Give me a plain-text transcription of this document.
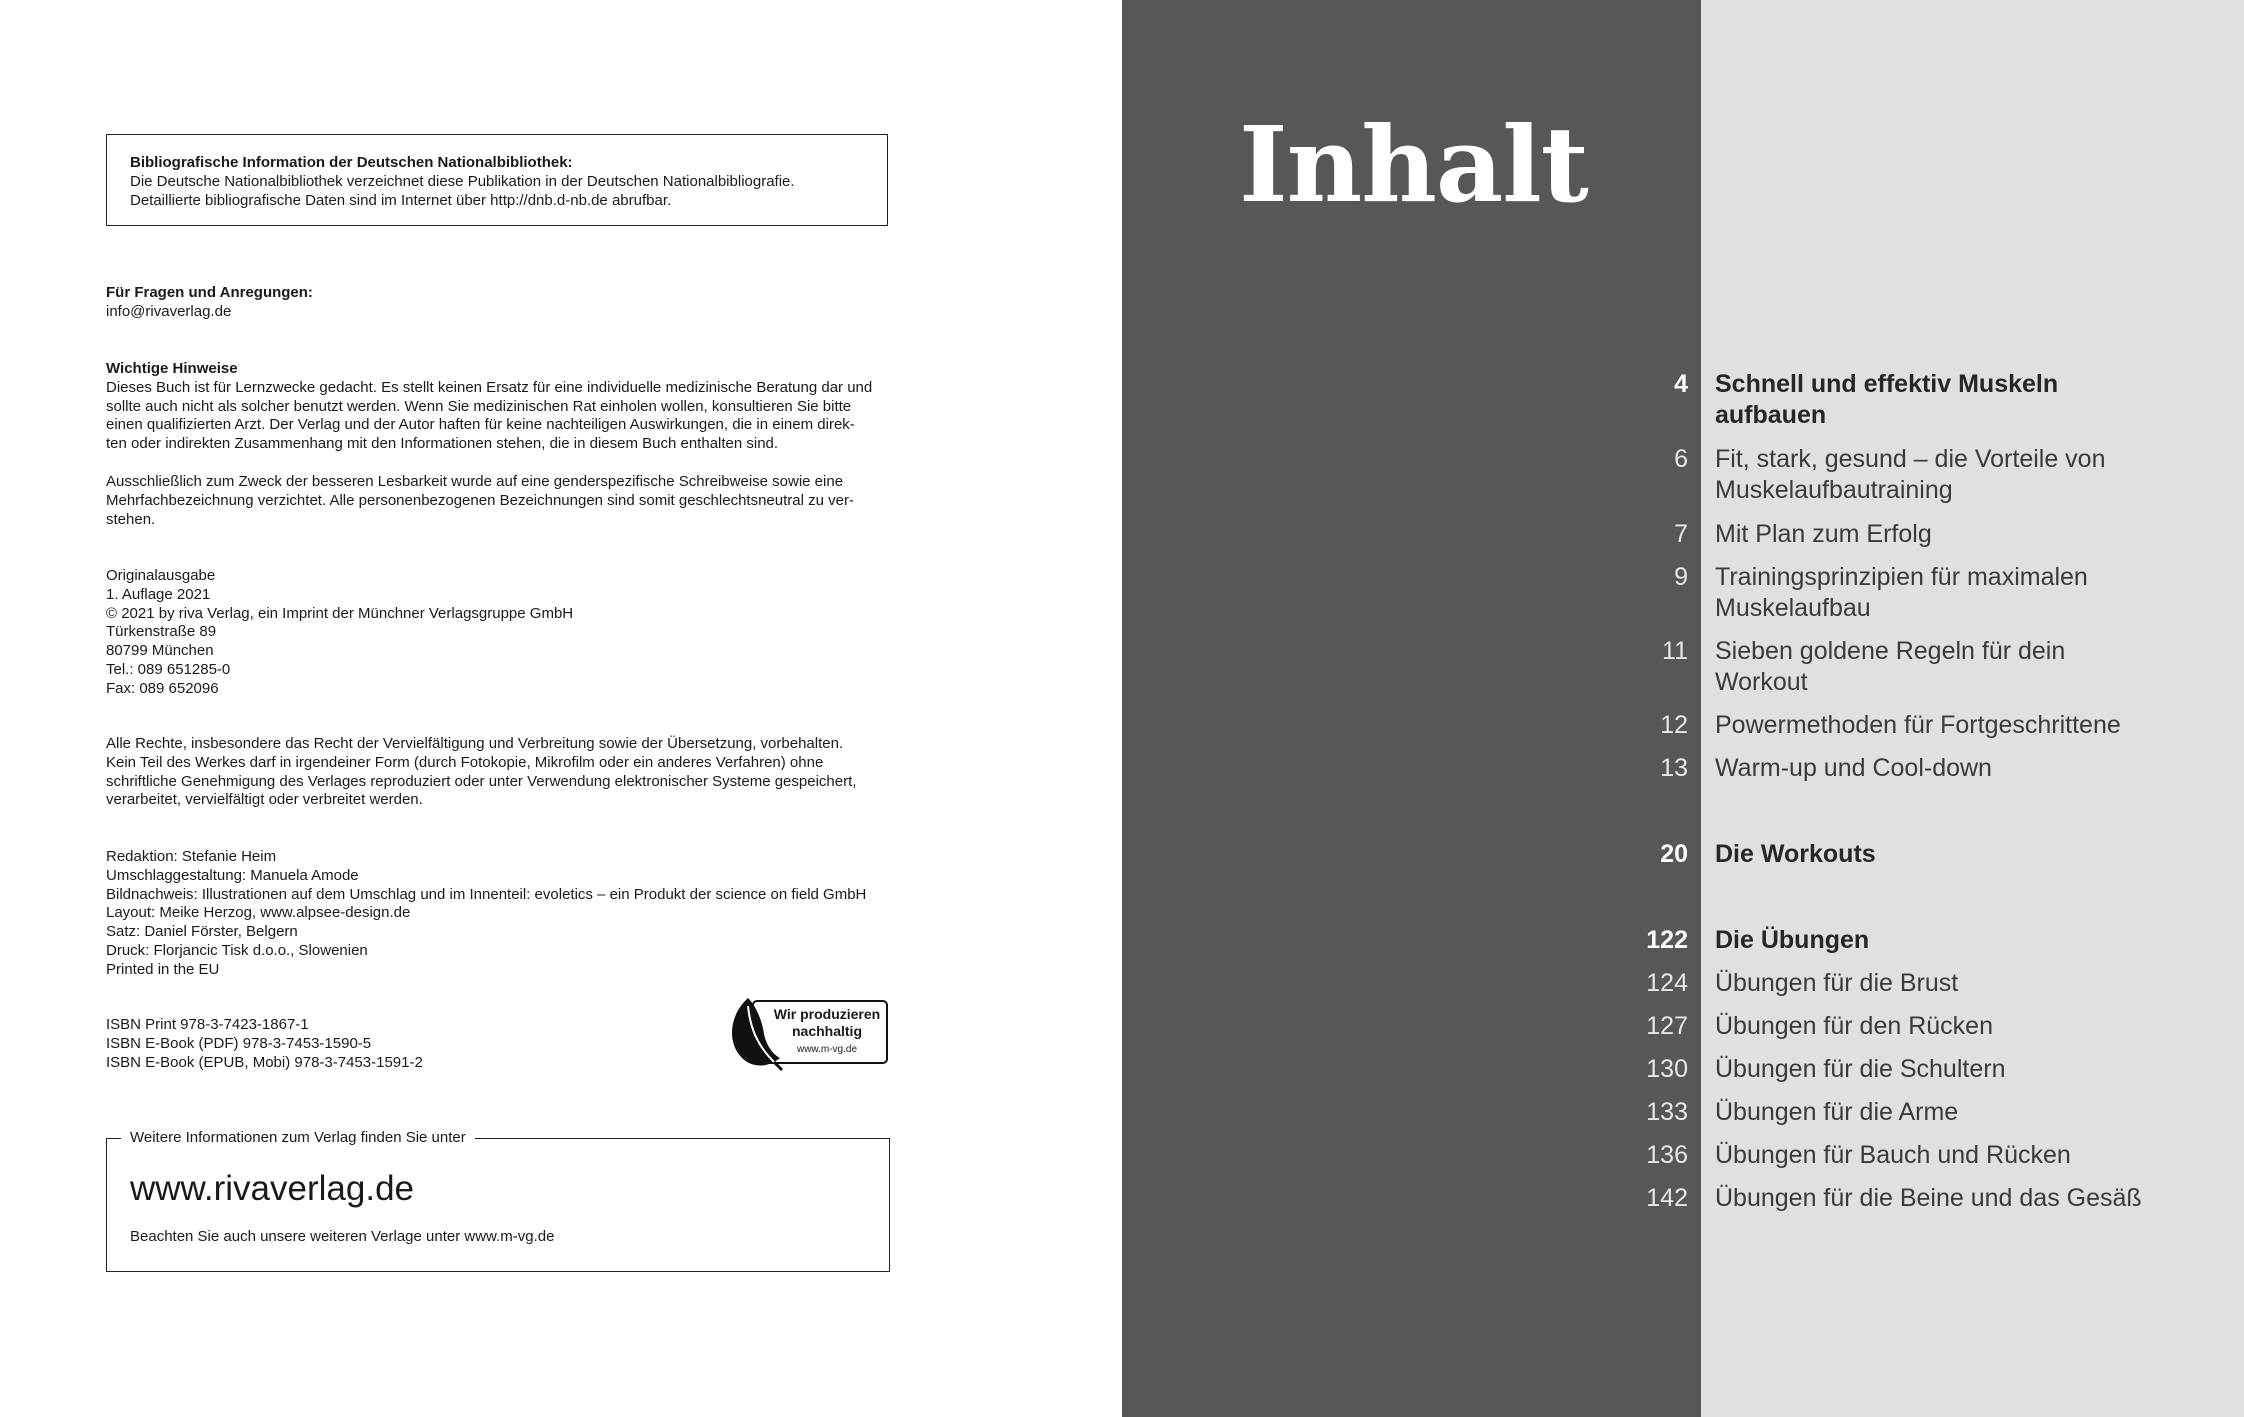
Bibliografische Information der Deutschen Nationalbibliothek:
Die Deutsche Nationalbibliothek verzeichnet diese Publikation in der Deutschen Nationalbibliografie.
Detaillierte bibliografische Daten sind im Internet über http://dnb.d-nb.de abrufbar.
Für Fragen und Anregungen:
info@rivaverlag.de
Wichtige Hinweise
Dieses Buch ist für Lernzwecke gedacht. Es stellt keinen Ersatz für eine individuelle medizinische Beratung dar und
sollte auch nicht als solcher benutzt werden. Wenn Sie medizinischen Rat einholen wollen, konsultieren Sie bitte
einen qualifizierten Arzt. Der Verlag und der Autor haften für keine nachteiligen Auswirkungen, die in einem direk-
ten oder indirekten Zusammenhang mit den Informationen stehen, die in diesem Buch enthalten sind.
Ausschließlich zum Zweck der besseren Lesbarkeit wurde auf eine genderspezifische Schreibweise sowie eine
Mehrfachbezeichnung verzichtet. Alle personenbezogenen Bezeichnungen sind somit geschlechtsneutral zu ver-
stehen.
Originalausgabe
1. Auflage 2021
© 2021 by riva Verlag, ein Imprint der Münchner Verlagsgruppe GmbH
Türkenstraße 89
80799 München
Tel.: 089 651285-0
Fax: 089 652096
Alle Rechte, insbesondere das Recht der Vervielfältigung und Verbreitung sowie der Übersetzung, vorbehalten.
Kein Teil des Werkes darf in irgendeiner Form (durch Fotokopie, Mikrofilm oder ein anderes Verfahren) ohne
schriftliche Genehmigung des Verlages reproduziert oder unter Verwendung elektronischer Systeme gespeichert,
verarbeitet, vervielfältigt oder verbreitet werden.
Redaktion: Stefanie Heim
Umschlaggestaltung: Manuela Amode
Bildnachweis: Illustrationen auf dem Umschlag und im Innenteil: evoletics – ein Produkt der science on field GmbH
Layout: Meike Herzog, www.alpsee-design.de
Satz: Daniel Förster, Belgern
Druck: Florjancic Tisk d.o.o., Slowenien
Printed in the EU
ISBN Print 978-3-7423-1867-1
ISBN E-Book (PDF) 978-3-7453-1590-5
ISBN E-Book (EPUB, Mobi) 978-3-7453-1591-2
Wir produzieren
nachhaltig
www.m-vg.de
Weitere Informationen zum Verlag finden Sie unter
www.rivaverlag.de
Beachten Sie auch unsere weiteren Verlage unter www.m-vg.de
Inhalt
4 Schnell und effektiv Muskeln aufbauen
6 Fit, stark, gesund – die Vorteile von Muskelaufbautraining
7 Mit Plan zum Erfolg
9 Trainingsprinzipien für maximalen Muskelaufbau
11 Sieben goldene Regeln für dein Workout
12 Powermethoden für Fortgeschrittene
13 Warm-up und Cool-down
20 Die Workouts
122 Die Übungen
124 Übungen für die Brust
127 Übungen für den Rücken
130 Übungen für die Schultern
133 Übungen für die Arme
136 Übungen für Bauch und Rücken
142 Übungen für die Beine und das Gesäß
